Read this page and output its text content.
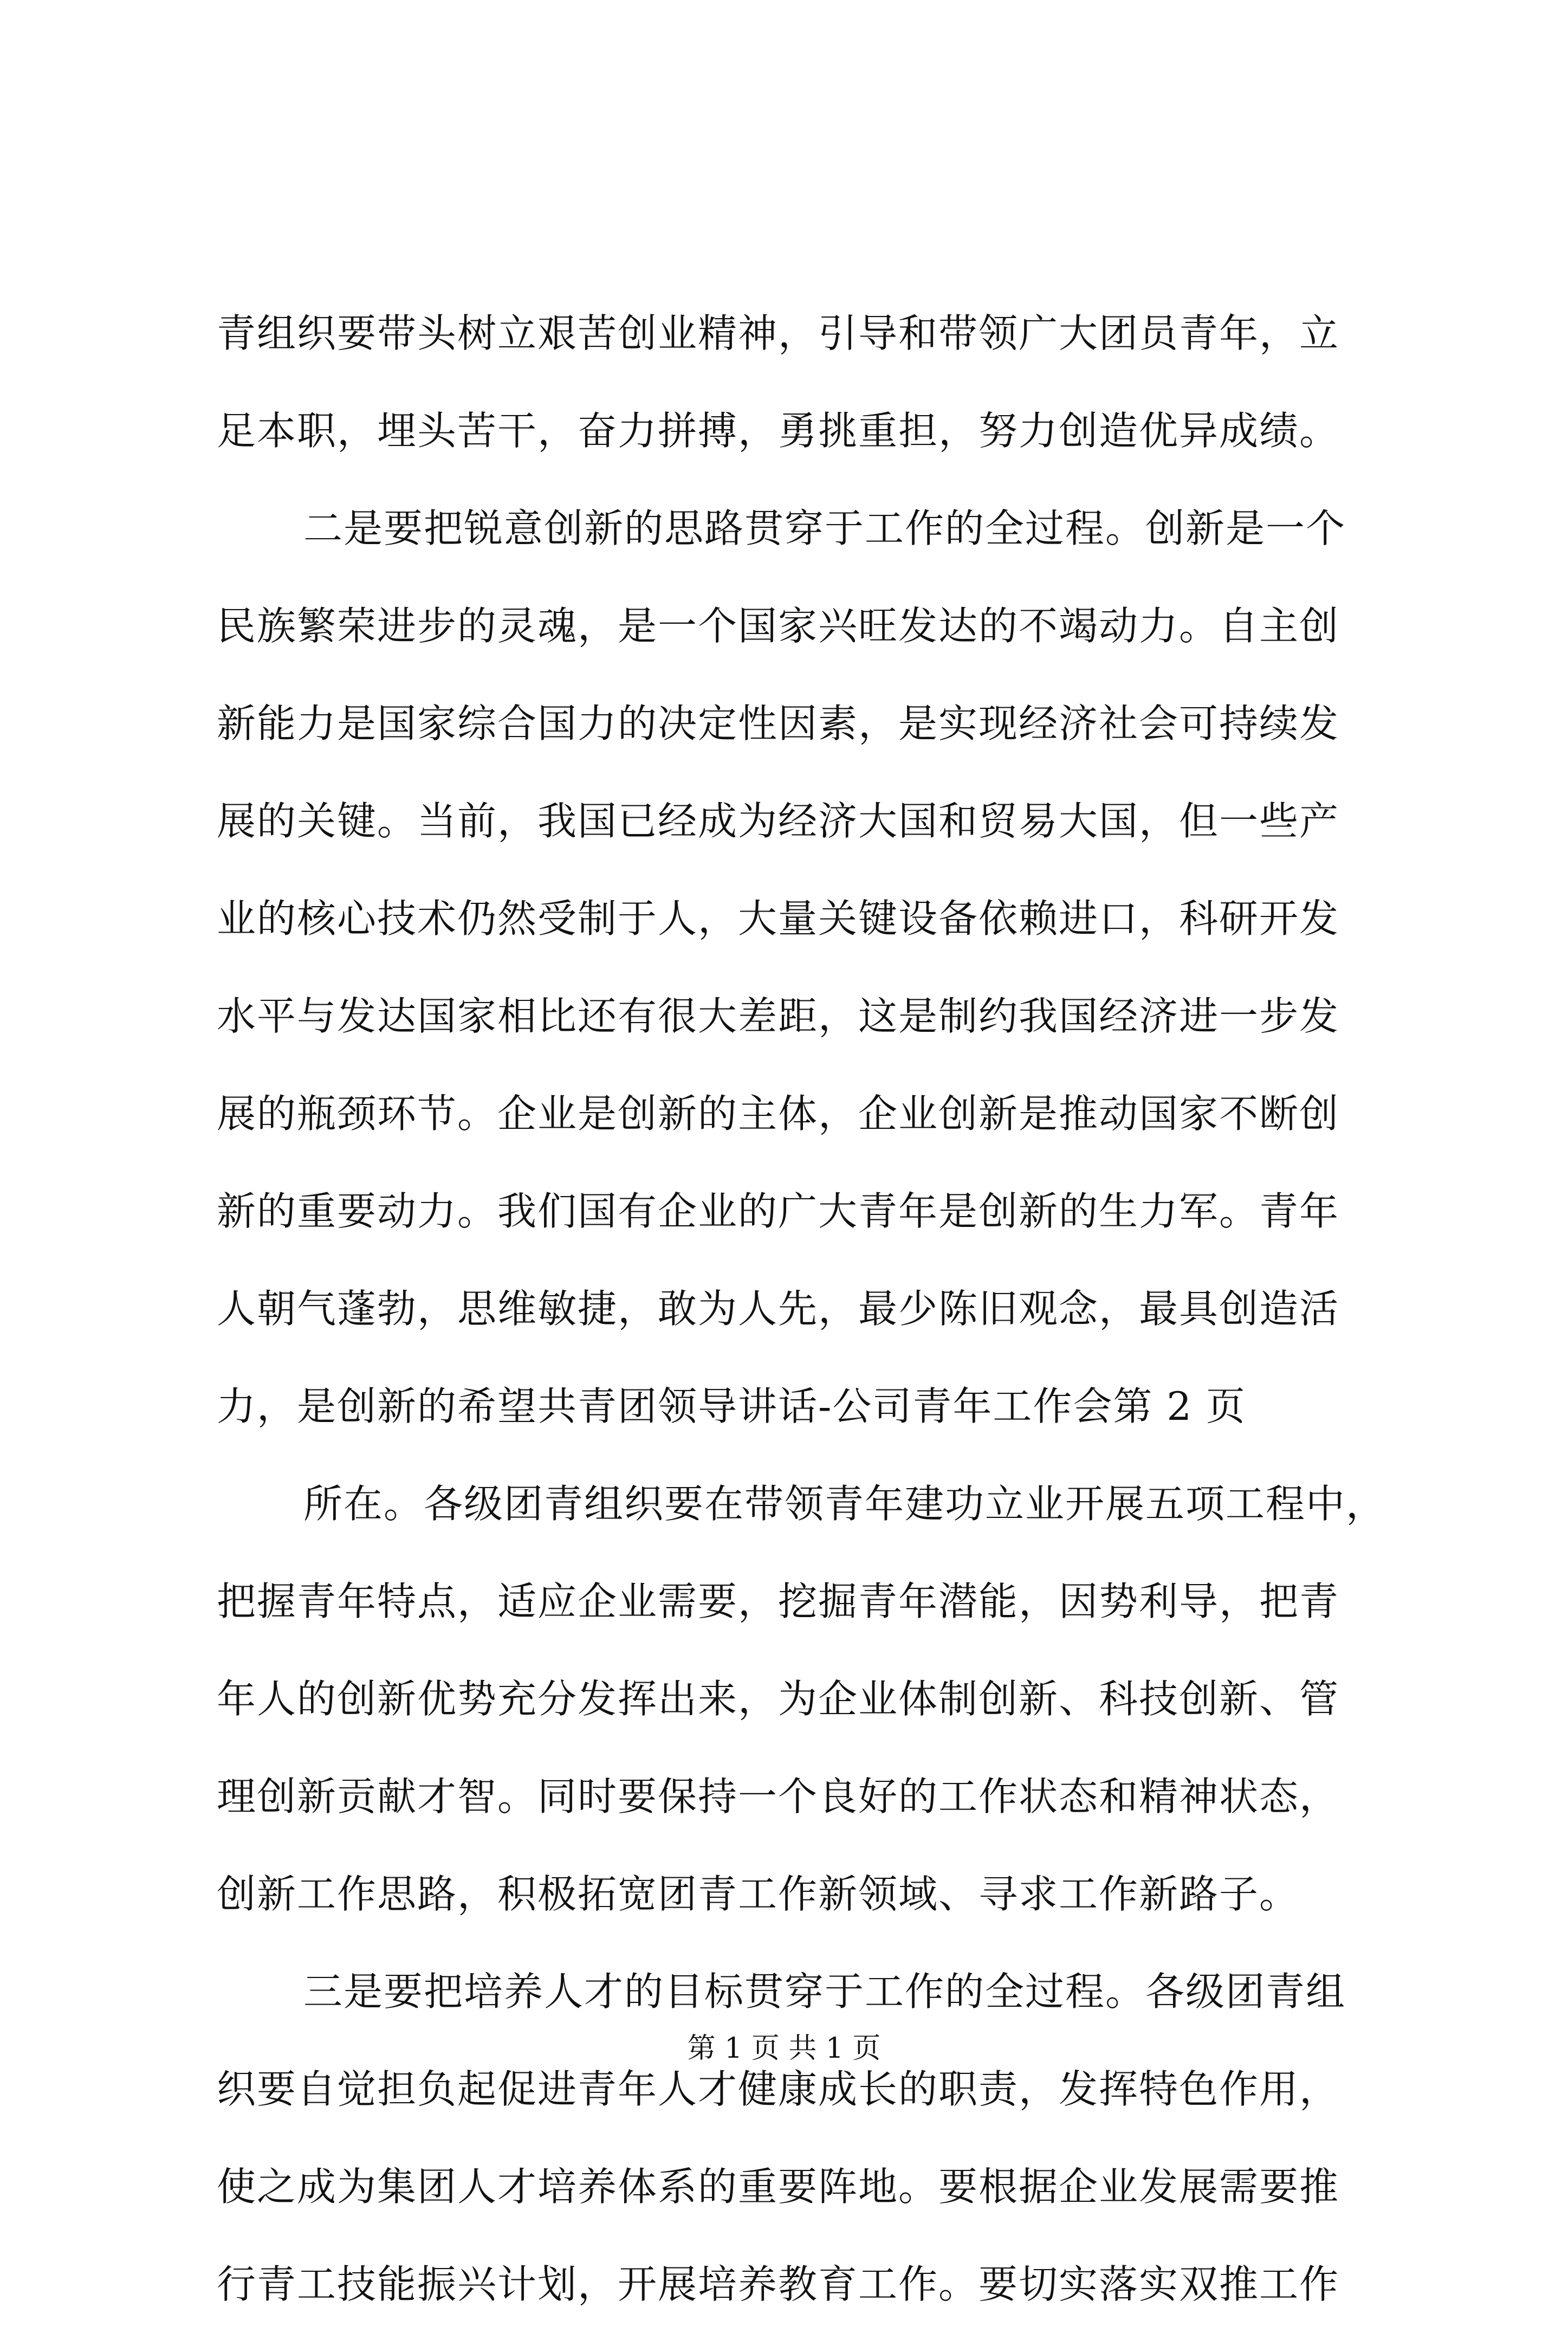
青组织要带头树立艰苦创业精神，引导和带领广大团员青年，立
足本职，埋头苦干，奋力拼搏，勇挑重担，努力创造优异成绩。
二是要把锐意创新的思路贯穿于工作的全过程。创新是一个
民族繁荣进步的灵魂，是一个国家兴旺发达的不竭动力。自主创
新能力是国家综合国力的决定性因素，是实现经济社会可持续发
展的关键。当前，我国已经成为经济大国和贸易大国，但一些产
业的核心技术仍然受制于人，大量关键设备依赖进口，科研开发
水平与发达国家相比还有很大差距，这是制约我国经济进一步发
展的瓶颈环节。企业是创新的主体，企业创新是推动国家不断创
新的重要动力。我们国有企业的广大青年是创新的生力军。青年
人朝气蓬勃，思维敏捷，敢为人先，最少陈旧观念，最具创造活
力，是创新的希望共青团领导讲话-公司青年工作会第 2 页
所在。各级团青组织要在带领青年建功立业开展五项工程中，
把握青年特点，适应企业需要，挖掘青年潜能，因势利导，把青
年人的创新优势充分发挥出来，为企业体制创新、科技创新、管
理创新贡献才智。同时要保持一个良好的工作状态和精神状态，
创新工作思路，积极拓宽团青工作新领域、寻求工作新路子。
三是要把培养人才的目标贯穿于工作的全过程。各级团青组
织要自觉担负起促进青年人才健康成长的职责，发挥特色作用，
使之成为集团人才培养体系的重要阵地。要根据企业发展需要推
行青工技能振兴计划，开展培养教育工作。要切实落实双推工作
第 1 页 共 1 页
